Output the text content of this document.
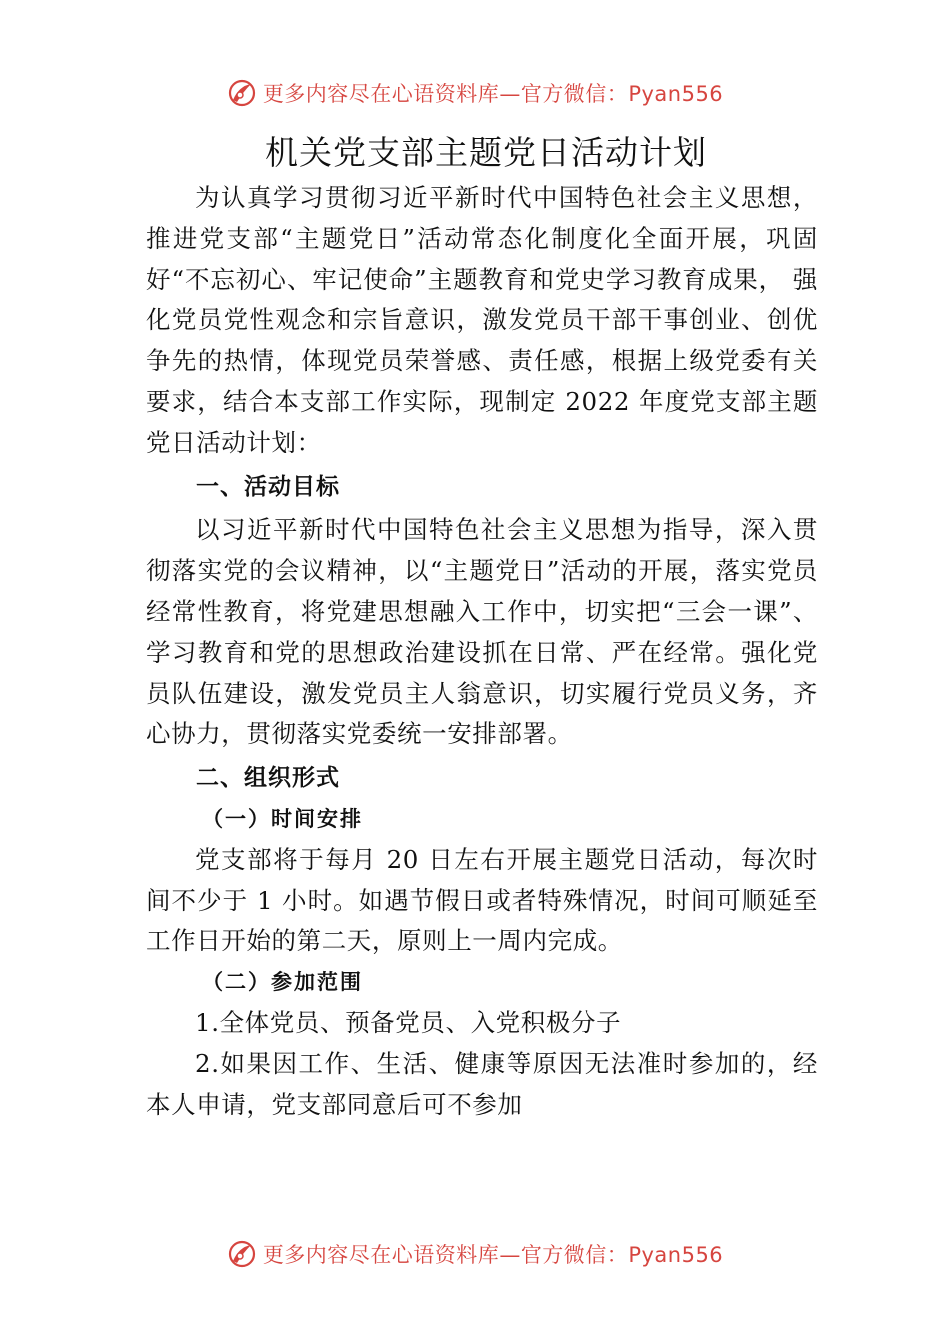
更多内容尽在心语资料库—官方微信：Pyan556
机关党支部主题党日活动计划

为认真学习贯彻习近平新时代中国特色社会主义思想，推进党支部“主题党日”活动常态化制度化全面开展，巩固好“不忘初心、牢记使命”主题教育和党史学习教育成果， 强化党员党性观念和宗旨意识，激发党员干部干事创业、创优争先的热情，体现党员荣誉感、责任感，根据上级党委有关要求，结合本支部工作实际，现制定 2022 年度党支部主题党日活动计划：

一、活动目标

以习近平新时代中国特色社会主义思想为指导，深入贯彻落实党的会议精神，以“主题党日”活动的开展，落实党员经常性教育，将党建思想融入工作中，切实把“三会一课”、学习教育和党的思想政治建设抓在日常、严在经常。强化党员队伍建设，激发党员主人翁意识，切实履行党员义务，齐心协力，贯彻落实党委统一安排部署。

二、组织形式
（一）时间安排

党支部将于每月 20 日左右开展主题党日活动，每次时间不少于 1 小时。如遇节假日或者特殊情况，时间可顺延至工作日开始的第二天，原则上一周内完成。

（二）参加范围

1.全体党员、预备党员、入党积极分子

2.如果因工作、生活、健康等原因无法准时参加的，经本人申请，党支部同意后可不参加

更多内容尽在心语资料库—官方微信：Pyan556
